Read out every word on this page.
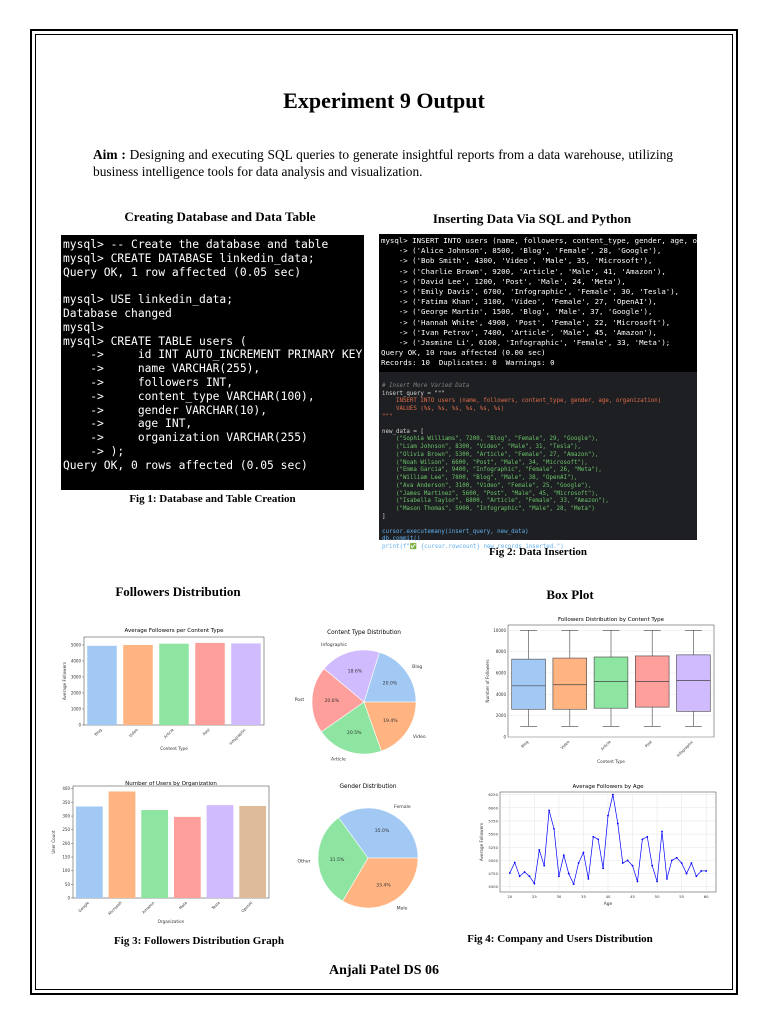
Experiment 9 Output
Aim : Designing and executing SQL queries to generate insightful reports from a data warehouse, utilizing business intelligence tools for data analysis and visualization.
Creating Database and Data Table	Inserting Data Via SQL and Python
mysql> -- Create the database and table
mysql> CREATE DATABASE linkedin_data;
Query OK, 1 row affected (0.05 sec)

mysql> USE linkedin_data;
Database changed
mysql>
mysql> CREATE TABLE users (
->     id INT AUTO_INCREMENT PRIMARY KEY,
->     name VARCHAR(255),
->     followers INT,
->     content_type VARCHAR(100),
->     gender VARCHAR(10),
->     age INT,
->     organization VARCHAR(255)
-> );
Query OK, 0 rows affected (0.05 sec)
Fig 1: Database and Table Creation
mysql> INSERT INTO users (name, followers, content_type, gender, age, o
-> ('Alice Johnson', 8500, 'Blog', 'Female', 28, 'Google'),
-> ('Bob Smith', 4300, 'Video', 'Male', 35, 'Microsoft'),
-> ('Charlie Brown', 9200, 'Article', 'Male', 41, 'Amazon'),
-> ('David Lee', 1200, 'Post', 'Male', 24, 'Meta'),
-> ('Emily Davis', 6700, 'Infographic', 'Female', 30, 'Tesla'),
-> ('Fatima Khan', 3100, 'Video', 'Female', 27, 'OpenAI'),
-> ('George Martin', 1500, 'Blog', 'Male', 37, 'Google'),
-> ('Hannah White', 4900, 'Post', 'Female', 22, 'Microsoft'),
-> ('Ivan Petrov', 7400, 'Article', 'Male', 45, 'Amazon'),
-> ('Jasmine Li', 6100, 'Infographic', 'Female', 33, 'Meta');
Query OK, 10 rows affected (0.00 sec)
Records: 10  Duplicates: 0  Warnings: 0

# Insert More Varied Data
insert_query = """
INSERT INTO users (name, followers, content_type, gender, age, organization)
VALUES (%s, %s, %s, %s, %s, %s)
"""
new_data = [
("Sophia Williams", 7200, "Blog", "Female", 29, "Google"),
("Liam Johnson", 8300, "Video", "Male", 31, "Tesla"),
("Olivia Brown", 5300, "Article", "Female", 27, "Amazon"),
("Noah Wilson", 6600, "Post", "Male", 34, "Microsoft"),
("Emma Garcia", 9400, "Infographic", "Female", 26, "Meta"),
("William Lee", 7800, "Blog", "Male", 38, "OpenAI"),
("Ava Anderson", 3100, "Video", "Female", 25, "Google"),
("James Martinez", 5600, "Post", "Male", 45, "Microsoft"),
("Isabella Taylor", 6800, "Article", "Female", 33, "Amazon"),
("Mason Thomas", 5900, "Infographic", "Male", 28, "Meta")
]
cursor.executemany(insert_query, new_data)
db.commit()
print(f"✅ {cursor.rowcount} new records inserted.")

Fig 2: Data Insertion
Followers Distribution	Box Plot
Average Followers per Content Type
0
1000
2000
3000
4000
5000
Blog	Video	Article	Post	Infographic
Content Type
Average Followers
Content Type Distribution
20.0%
Blog
18.6%
Infographic
20.6%
Post
20.5%
Article
19.4%
Video
Followers Distribution by Content Type
0
2000
4000
6000
8000
10000
Blog	Video	Article	Post	Infographic
Content Type
Number of Followers
Number of Users by Organization
0
50
100
150
200
250
300
350
400
Google	Microsoft	Amazon	Meta	Tesla	OpenAI
Organization
User Count
Gender Distribution
35.0%
Female
31.5%
Other
33.4%
Male
Average Followers by Age
4500
4750
5000
5250
5500
5750
6000
6250
20	25	30	35	40	45	50	55	60
Age
Average Followers
Fig 3: Followers Distribution Graph	Fig 4: Company and Users Distribution
Anjali Patel DS 06
